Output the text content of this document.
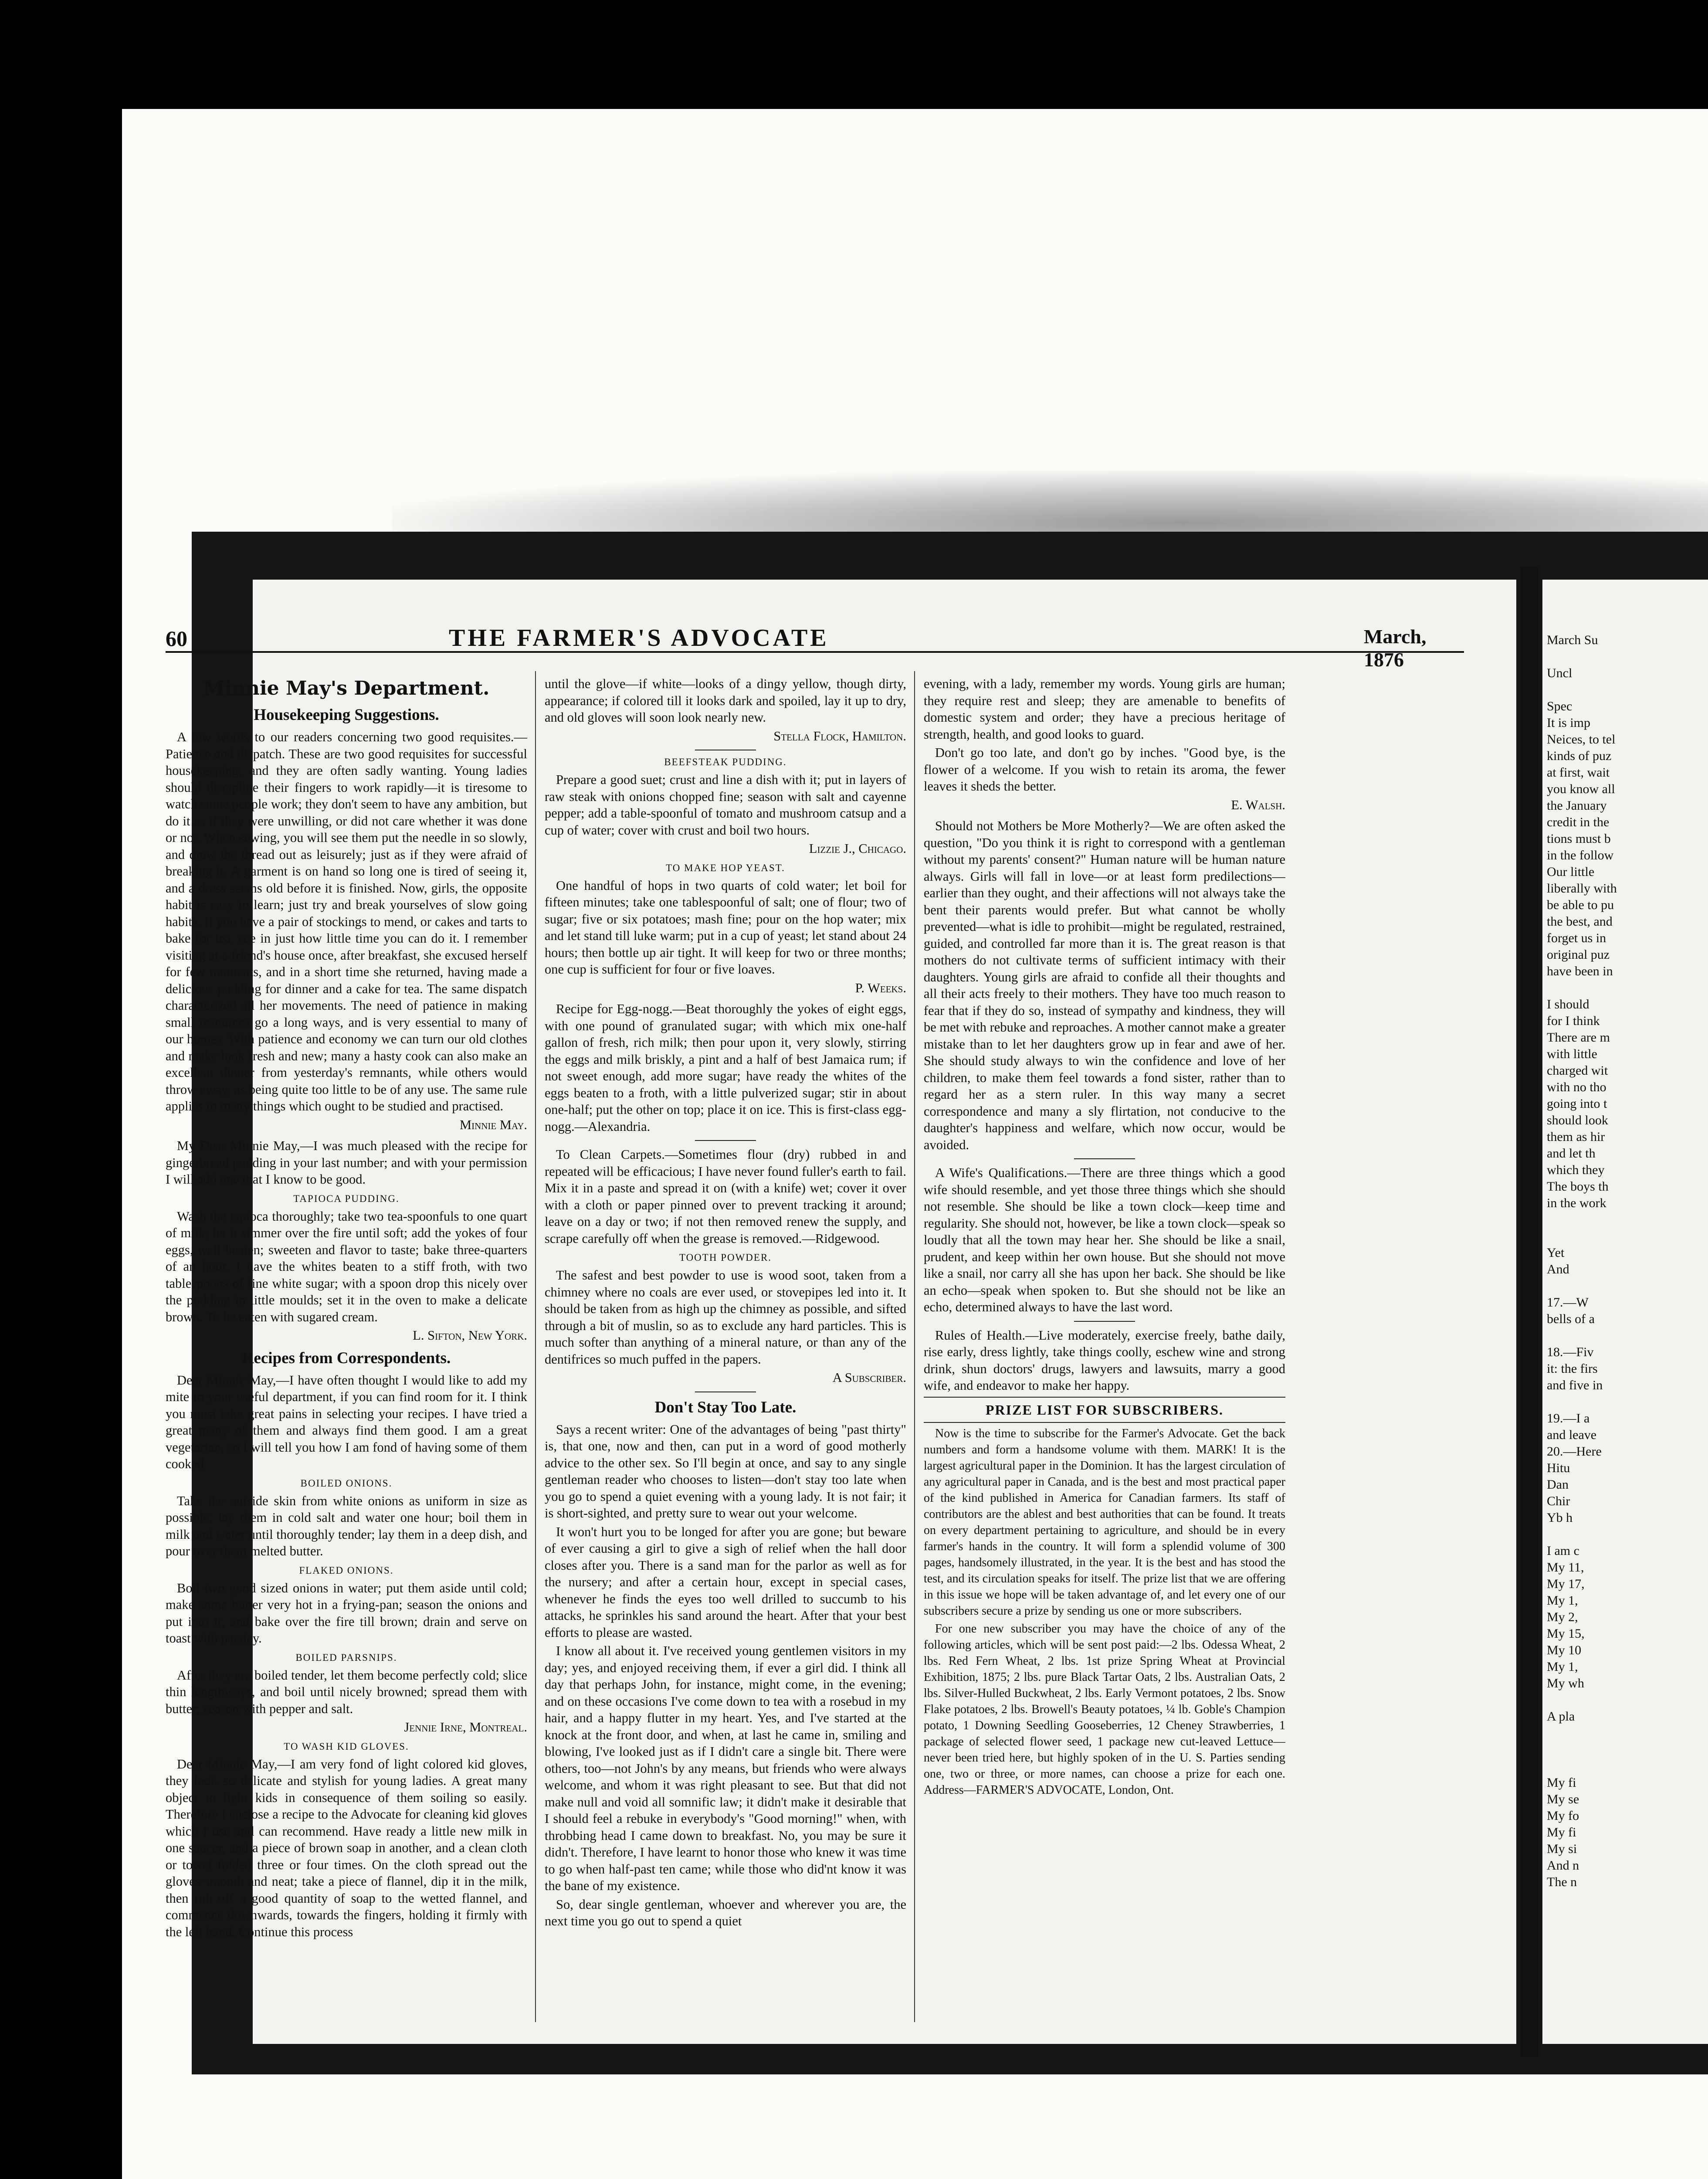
March Su
Uncl
Spec
It is imp
Neices, to tel
kinds of puz
at first, wait
you know all
the January
credit in the
tions must b
in the follow
Our little
liberally with
be able to pu
the best, and
forget us in
original puz
have been in
I should
for I think
There are m
with little
charged wit
with no tho
going into t
should look
them as hir
and let th
which they
The boys th
in the work
Yet
And
17.—W
bells of a
18.—Fiv
it: the firs
and five in
19.—I a
and leave
20.—Here
Hitu
Dan
Chir
Yb h
I am c
My 11,
My 17,
My 1,
My 2,
My 15,
My 10
My 1,
My wh
A pla
My fi
My se
My fo
My fi
My si
And n
The n
60	THE FARMER'S ADVOCATE	March, 1876
Minnie May's Department.
Housekeeping Suggestions.

A few words to our readers concerning two good requisites.—Patience and dispatch. These are two good requisites for successful housekeeping, and they are often sadly wanting. Young ladies should discipline their fingers to work rapidly—it is tiresome to watch some people work; they don't seem to have any ambition, but do it as if they were unwilling, or did not care whether it was done or not. When sewing, you will see them put the needle in so slowly, and draw the thread out as leisurely; just as if they were afraid of breaking it. A garment is on hand so long one is tired of seeing it, and a dress seems old before it is finished. Now, girls, the opposite habit is easy to learn; just try and break yourselves of slow going habits. If you have a pair of stockings to mend, or cakes and tarts to bake for tea, see in just how little time you can do it. I remember visiting at a friend's house once, after breakfast, she excused herself for few moments, and in a short time she returned, having made a delicious pudding for dinner and a cake for tea. The same dispatch characterized all her movements. The need of patience in making small resources go a long ways, and is very essential to many of our homes. With patience and economy we can turn our old clothes and make look fresh and new; many a hasty cook can also make an excellent dinner from yesterday's remnants, while others would throw away, as being quite too little to be of any use. The same rule applies to many things which ought to be studied and practised.

Minnie May.

My Dear Minnie May,—I was much pleased with the recipe for gingerbread pudding in your last number; and with your permission I will add one that I know to be good.

TAPIOCA PUDDING.

Wash the tapioca thoroughly; take two tea-spoonfuls to one quart of milk; let it simmer over the fire until soft; add the yokes of four eggs, well beaten; sweeten and flavor to taste; bake three-quarters of an hour. I have the whites beaten to a stiff froth, with two tablespoons of fine white sugar; with a spoon drop this nicely over the pudding in little moulds; set it in the oven to make a delicate brown. To be eaten with sugared cream.

L. Sifton, New York.
Recipes from Correspondents.

Dear Minnie May,—I have often thought I would like to add my mite to your useful department, if you can find room for it. I think you must take great pains in selecting your recipes. I have tried a great many of them and always find them good. I am a great vegetarian, so I will tell you how I am fond of having some of them cooked.

BOILED ONIONS.

Take the outside skin from white onions as uniform in size as possible; lay them in cold salt and water one hour; boil them in milk and water until thoroughly tender; lay them in a deep dish, and pour over them melted butter.

FLAKED ONIONS.

Boil two good sized onions in water; put them aside until cold; make some butter very hot in a frying-pan; season the onions and put into it, and bake over the fire till brown; drain and serve on toast with parsley.

BOILED PARSNIPS.

After they are boiled tender, let them become perfectly cold; slice thin lengthways, and boil until nicely browned; spread them with butter; season with pepper and salt.

Jennie Irne, Montreal.
TO WASH KID GLOVES.

Dear Minnie May,—I am very fond of light colored kid gloves, they look so delicate and stylish for young ladies. A great many object to light kids in consequence of them soiling so easily. Therefore I enclose a recipe to the Advocate for cleaning kid gloves which I use and can recommend. Have ready a little new milk in one saucer, and a piece of brown soap in another, and a clean cloth or towel folded three or four times. On the cloth spread out the gloves smooth and neat; take a piece of flannel, dip it in the milk, then rub off a good quantity of soap to the wetted flannel, and commence downwards, towards the fingers, holding it firmly with the left hand. Continue this process

until the glove—if white—looks of a dingy yellow, though dirty, appearance; if colored till it looks dark and spoiled, lay it up to dry, and old gloves will soon look nearly new.

Stella Flock, Hamilton.
BEEFSTEAK PUDDING.

Prepare a good suet; crust and line a dish with it; put in layers of raw steak with onions chopped fine; season with salt and cayenne pepper; add a table-spoonful of tomato and mushroom catsup and a cup of water; cover with crust and boil two hours.

Lizzie J., Chicago.
TO MAKE HOP YEAST.

One handful of hops in two quarts of cold water; let boil for fifteen minutes; take one tablespoonful of salt; one of flour; two of sugar; five or six potatoes; mash fine; pour on the hop water; mix and let stand till luke warm; put in a cup of yeast; let stand about 24 hours; then bottle up air tight. It will keep for two or three months; one cup is sufficient for four or five loaves.

P. Weeks.

Recipe for Egg-nogg.—Beat thoroughly the yokes of eight eggs, with one pound of granulated sugar; with which mix one-half gallon of fresh, rich milk; then pour upon it, very slowly, stirring the eggs and milk briskly, a pint and a half of best Jamaica rum; if not sweet enough, add more sugar; have ready the whites of the eggs beaten to a froth, with a little pulverized sugar; stir in about one-half; put the other on top; place it on ice. This is first-class egg-nogg.—Alexandria.

To Clean Carpets.—Sometimes flour (dry) rubbed in and repeated will be efficacious; I have never found fuller's earth to fail. Mix it in a paste and spread it on (with a knife) wet; cover it over with a cloth or paper pinned over to prevent tracking it around; leave on a day or two; if not then removed renew the supply, and scrape carefully off when the grease is removed.—Ridgewood.

TOOTH POWDER.

The safest and best powder to use is wood soot, taken from a chimney where no coals are ever used, or stovepipes led into it. It should be taken from as high up the chimney as possible, and sifted through a bit of muslin, so as to exclude any hard particles. This is much softer than anything of a mineral nature, or than any of the dentifrices so much puffed in the papers.

A Subscriber.
Don't Stay Too Late.

Says a recent writer: One of the advantages of being "past thirty" is, that one, now and then, can put in a word of good motherly advice to the other sex. So I'll begin at once, and say to any single gentleman reader who chooses to listen—don't stay too late when you go to spend a quiet evening with a young lady. It is not fair; it is short-sighted, and pretty sure to wear out your welcome.

It won't hurt you to be longed for after you are gone; but beware of ever causing a girl to give a sigh of relief when the hall door closes after you. There is a sand man for the parlor as well as for the nursery; and after a certain hour, except in special cases, whenever he finds the eyes too well drilled to succumb to his attacks, he sprinkles his sand around the heart. After that your best efforts to please are wasted.

I know all about it. I've received young gentlemen visitors in my day; yes, and enjoyed receiving them, if ever a girl did. I think all day that perhaps John, for instance, might come, in the evening; and on these occasions I've come down to tea with a rosebud in my hair, and a happy flutter in my heart. Yes, and I've started at the knock at the front door, and when, at last he came in, smiling and blowing, I've looked just as if I didn't care a single bit. There were others, too—not John's by any means, but friends who were always welcome, and whom it was right pleasant to see. But that did not make null and void all somnific law; it didn't make it desirable that I should feel a rebuke in everybody's "Good morning!" when, with throbbing head I came down to breakfast. No, you may be sure it didn't. Therefore, I have learnt to honor those who knew it was time to go when half-past ten came; while those who did'nt know it was the bane of my existence.

So, dear single gentleman, whoever and wherever you are, the next time you go out to spend a quiet

evening, with a lady, remember my words. Young girls are human; they require rest and sleep; they are amenable to benefits of domestic system and order; they have a precious heritage of strength, health, and good looks to guard.

Don't go too late, and don't go by inches. "Good bye, is the flower of a welcome. If you wish to retain its aroma, the fewer leaves it sheds the better.

E. Walsh.

Should not Mothers be More Motherly?—We are often asked the question, "Do you think it is right to correspond with a gentleman without my parents' consent?" Human nature will be human nature always. Girls will fall in love—or at least form predilections—earlier than they ought, and their affections will not always take the bent their parents would prefer. But what cannot be wholly prevented—what is idle to prohibit—might be regulated, restrained, guided, and controlled far more than it is. The great reason is that mothers do not cultivate terms of sufficient intimacy with their daughters. Young girls are afraid to confide all their thoughts and all their acts freely to their mothers. They have too much reason to fear that if they do so, instead of sympathy and kindness, they will be met with rebuke and reproaches. A mother cannot make a greater mistake than to let her daughters grow up in fear and awe of her. She should study always to win the confidence and love of her children, to make them feel towards a fond sister, rather than to regard her as a stern ruler. In this way many a secret correspondence and many a sly flirtation, not conducive to the daughter's happiness and welfare, which now occur, would be avoided.

A Wife's Qualifications.—There are three things which a good wife should resemble, and yet those three things which she should not resemble. She should be like a town clock—keep time and regularity. She should not, however, be like a town clock—speak so loudly that all the town may hear her. She should be like a snail, prudent, and keep within her own house. But she should not move like a snail, nor carry all she has upon her back. She should be like an echo—speak when spoken to. But she should not be like an echo, determined always to have the last word.

Rules of Health.—Live moderately, exercise freely, bathe daily, rise early, dress lightly, take things coolly, eschew wine and strong drink, shun doctors' drugs, lawyers and lawsuits, marry a good wife, and endeavor to make her happy.

PRIZE LIST FOR SUBSCRIBERS.

Now is the time to subscribe for the Farmer's Advocate. Get the back numbers and form a handsome volume with them. MARK! It is the largest agricultural paper in the Dominion. It has the largest circulation of any agricultural paper in Canada, and is the best and most practical paper of the kind published in America for Canadian farmers. Its staff of contributors are the ablest and best authorities that can be found. It treats on every department pertaining to agriculture, and should be in every farmer's hands in the country. It will form a splendid volume of 300 pages, handsomely illustrated, in the year. It is the best and has stood the test, and its circulation speaks for itself. The prize list that we are offering in this issue we hope will be taken advantage of, and let every one of our subscribers secure a prize by sending us one or more subscribers.

For one new subscriber you may have the choice of any of the following articles, which will be sent post paid:—2 lbs. Odessa Wheat, 2 lbs. Red Fern Wheat, 2 lbs. 1st prize Spring Wheat at Provincial Exhibition, 1875; 2 lbs. pure Black Tartar Oats, 2 lbs. Australian Oats, 2 lbs. Silver-Hulled Buckwheat, 2 lbs. Early Vermont potatoes, 2 lbs. Snow Flake potatoes, 2 lbs. Browell's Beauty potatoes, ¼ lb. Goble's Champion potato, 1 Downing Seedling Gooseberries, 12 Cheney Strawberries, 1 package of selected flower seed, 1 package new cut-leaved Lettuce—never been tried here, but highly spoken of in the U. S. Parties sending one, two or three, or more names, can choose a prize for each one. Address—FARMER'S ADVOCATE, London, Ont.
